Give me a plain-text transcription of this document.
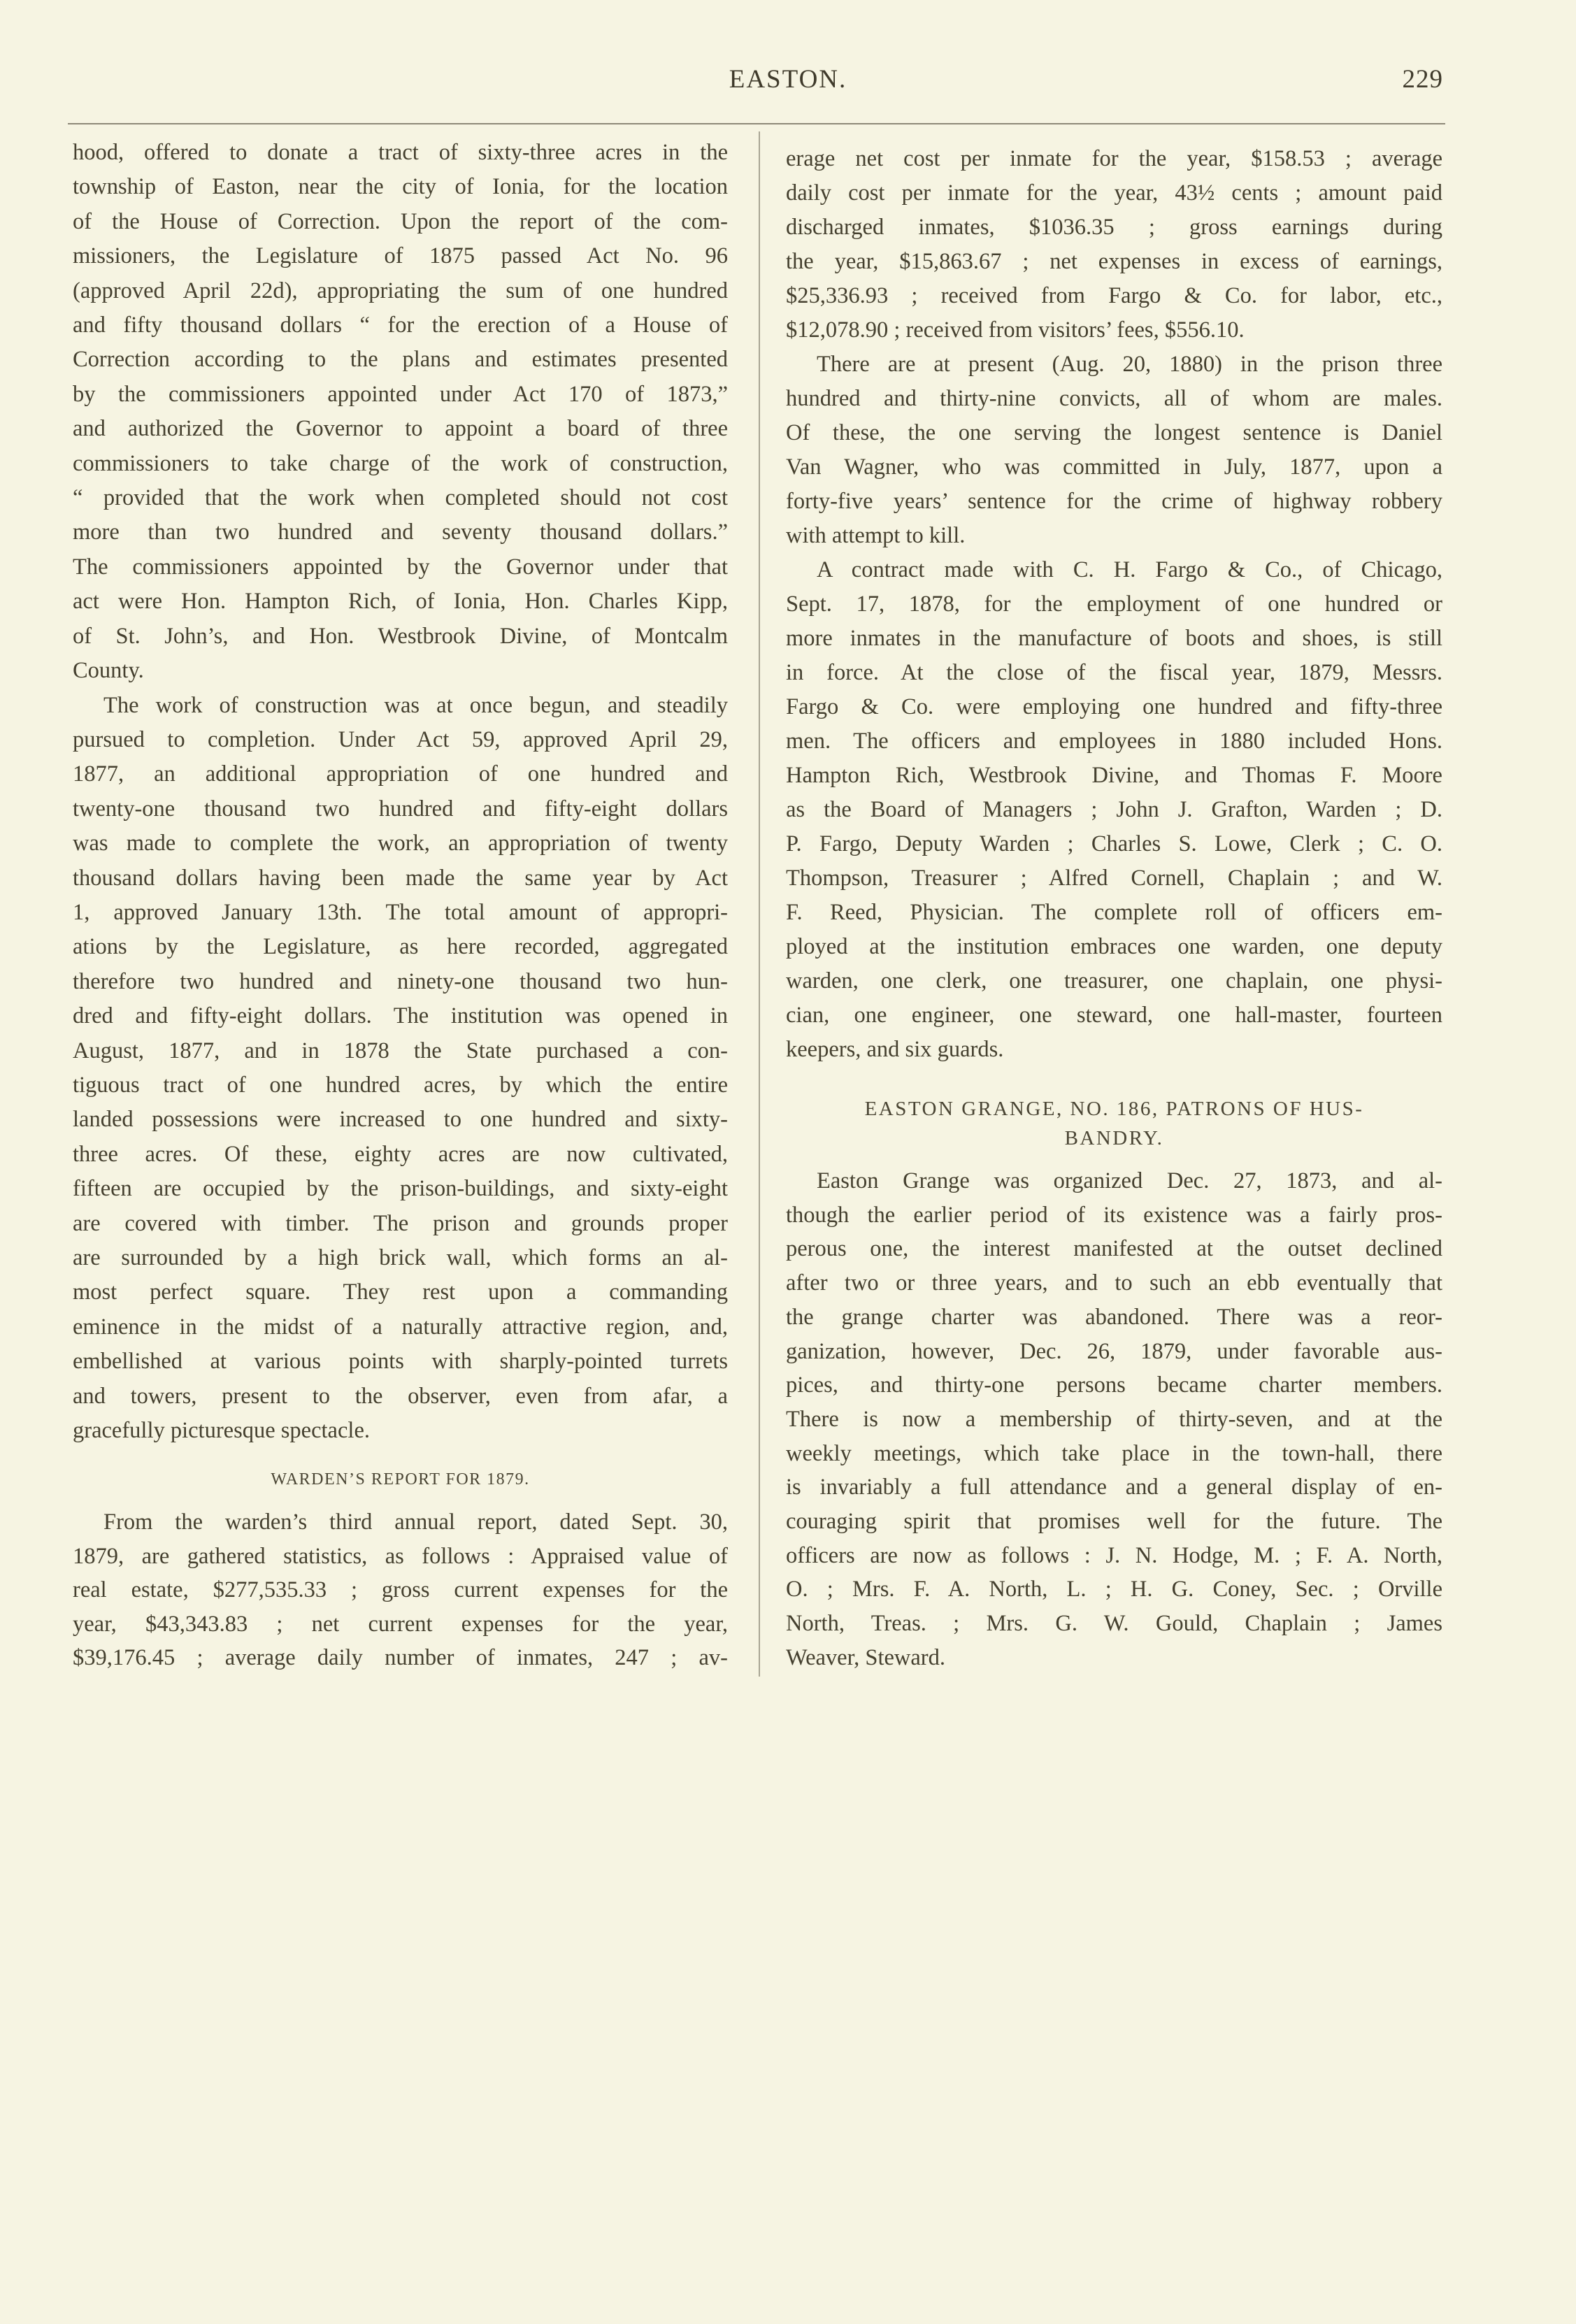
EASTON.	229
hood, offered to donate a tract of sixty-three acres in the
township of Easton, near the city of Ionia, for the location
of the House of Correction. Upon the report of the com-
missioners, the Legislature of 1875 passed Act No. 96
(approved April 22d), appropriating the sum of one hundred
and fifty thousand dollars “ for the erection of a House of
Correction according to the plans and estimates presented
by the commissioners appointed under Act 170 of 1873,”
and authorized the Governor to appoint a board of three
commissioners to take charge of the work of construction,
“ provided that the work when completed should not cost
more than two hundred and seventy thousand dollars.”
The commissioners appointed by the Governor under that
act were Hon. Hampton Rich, of Ionia, Hon. Charles Kipp,
of St. John’s, and Hon. Westbrook Divine, of Montcalm
County.
The work of construction was at once begun, and steadily
pursued to completion. Under Act 59, approved April 29,
1877, an additional appropriation of one hundred and
twenty-one thousand two hundred and fifty-eight dollars
was made to complete the work, an appropriation of twenty
thousand dollars having been made the same year by Act
1, approved January 13th. The total amount of appropri-
ations by the Legislature, as here recorded, aggregated
therefore two hundred and ninety-one thousand two hun-
dred and fifty-eight dollars. The institution was opened in
August, 1877, and in 1878 the State purchased a con-
tiguous tract of one hundred acres, by which the entire
landed possessions were increased to one hundred and sixty-
three acres. Of these, eighty acres are now cultivated,
fifteen are occupied by the prison-buildings, and sixty-eight
are covered with timber. The prison and grounds proper
are surrounded by a high brick wall, which forms an al-
most perfect square. They rest upon a commanding
eminence in the midst of a naturally attractive region, and,
embellished at various points with sharply-pointed turrets
and towers, present to the observer, even from afar, a
gracefully picturesque spectacle.
WARDEN’S REPORT FOR 1879.
From the warden’s third annual report, dated Sept. 30,
1879, are gathered statistics, as follows : Appraised value of
real estate, $277,535.33 ; gross current expenses for the
year, $43,343.83 ; net current expenses for the year,
$39,176.45 ; average daily number of inmates, 247 ; av-
erage net cost per inmate for the year, $158.53 ; average
daily cost per inmate for the year, 43½ cents ; amount paid
discharged inmates, $1036.35 ; gross earnings during
the year, $15,863.67 ; net expenses in excess of earnings,
$25,336.93 ; received from Fargo & Co. for labor, etc.,
$12,078.90 ; received from visitors’ fees, $556.10.
There are at present (Aug. 20, 1880) in the prison three
hundred and thirty-nine convicts, all of whom are males.
Of these, the one serving the longest sentence is Daniel
Van Wagner, who was committed in July, 1877, upon a
forty-five years’ sentence for the crime of highway robbery
with attempt to kill.
A contract made with C. H. Fargo & Co., of Chicago,
Sept. 17, 1878, for the employment of one hundred or
more inmates in the manufacture of boots and shoes, is still
in force. At the close of the fiscal year, 1879, Messrs.
Fargo & Co. were employing one hundred and fifty-three
men. The officers and employees in 1880 included Hons.
Hampton Rich, Westbrook Divine, and Thomas F. Moore
as the Board of Managers ; John J. Grafton, Warden ; D.
P. Fargo, Deputy Warden ; Charles S. Lowe, Clerk ; C. O.
Thompson, Treasurer ; Alfred Cornell, Chaplain ; and W.
F. Reed, Physician. The complete roll of officers em-
ployed at the institution embraces one warden, one deputy
warden, one clerk, one treasurer, one chaplain, one physi-
cian, one engineer, one steward, one hall-master, fourteen
keepers, and six guards.
EASTON GRANGE, NO. 186, PATRONS OF HUS-
BANDRY.
Easton Grange was organized Dec. 27, 1873, and al-
though the earlier period of its existence was a fairly pros-
perous one, the interest manifested at the outset declined
after two or three years, and to such an ebb eventually that
the grange charter was abandoned. There was a reor-
ganization, however, Dec. 26, 1879, under favorable aus-
pices, and thirty-one persons became charter members.
There is now a membership of thirty-seven, and at the
weekly meetings, which take place in the town-hall, there
is invariably a full attendance and a general display of en-
couraging spirit that promises well for the future. The
officers are now as follows : J. N. Hodge, M. ; F. A. North,
O. ; Mrs. F. A. North, L. ; H. G. Coney, Sec. ; Orville
North, Treas. ; Mrs. G. W. Gould, Chaplain ; James
Weaver, Steward.
